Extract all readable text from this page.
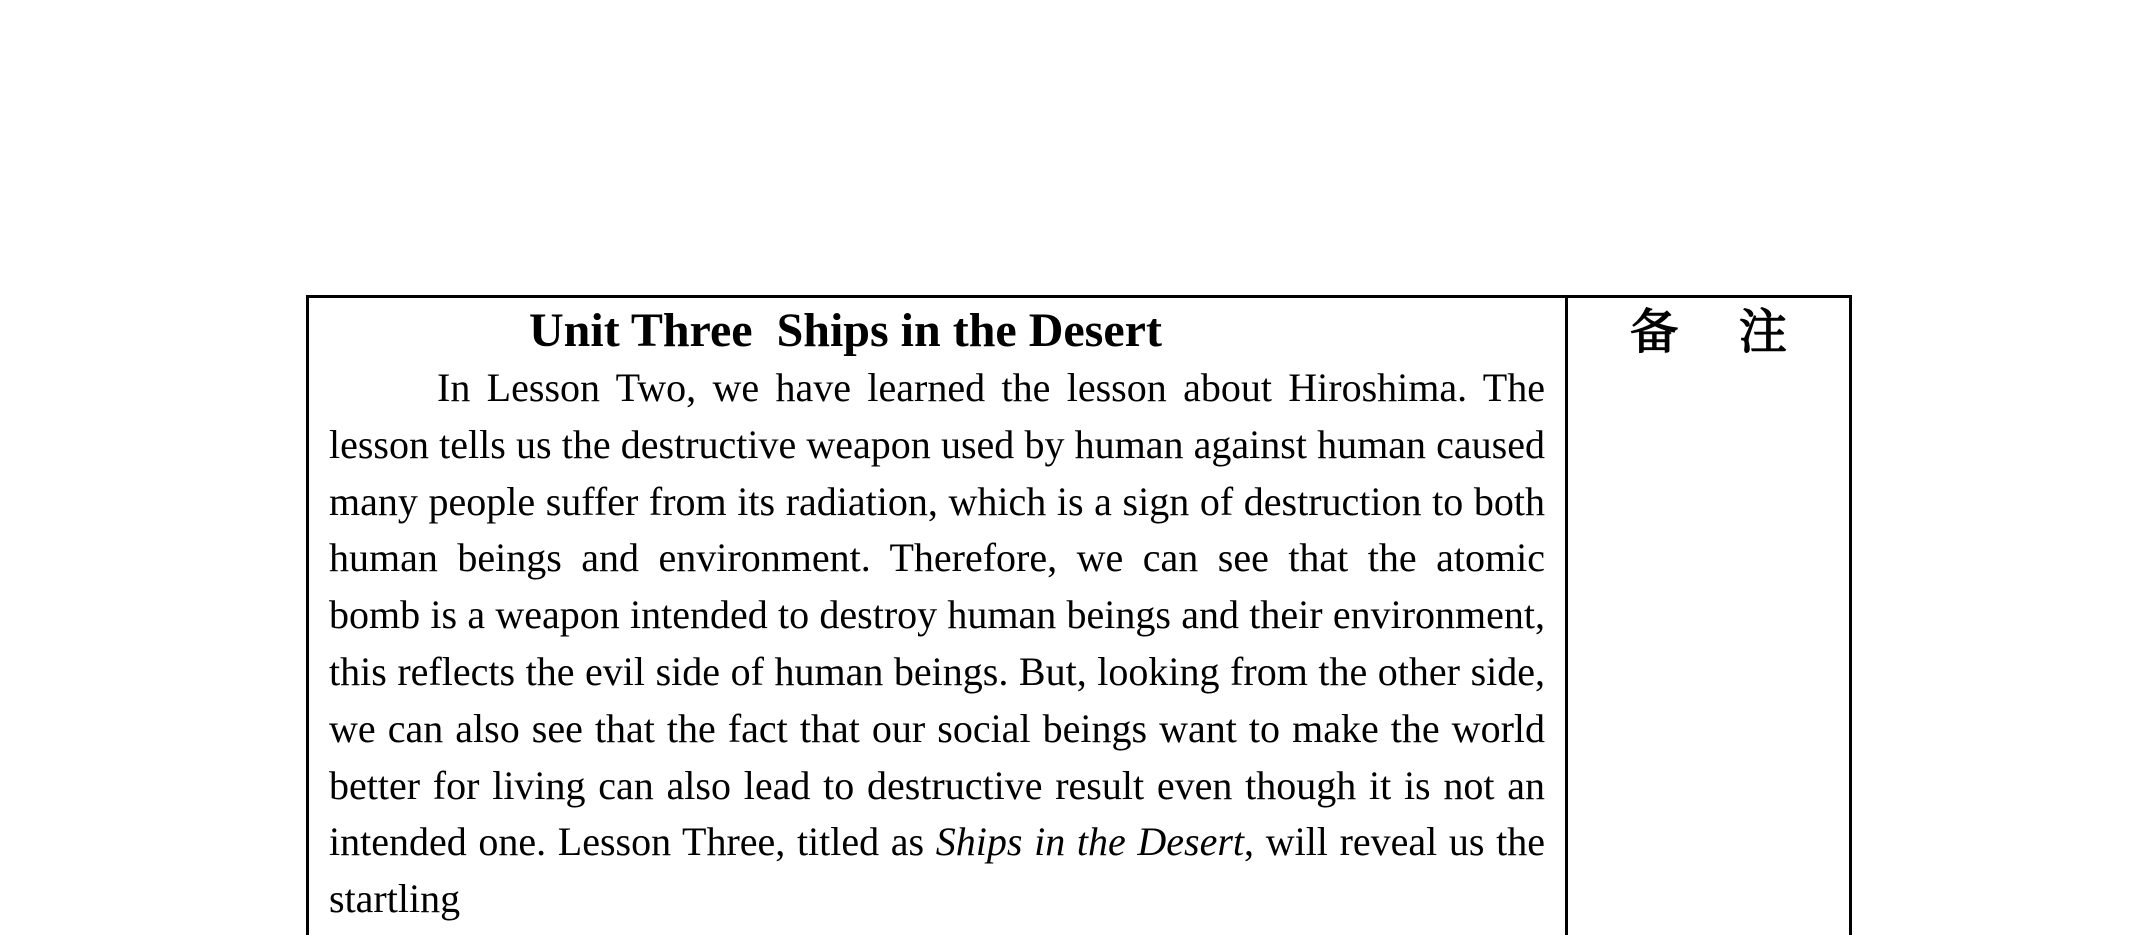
Unit Three  Ships in the Desert

In Lesson Two, we have learned the lesson about Hiroshima. The lesson tells us the destructive weapon used by human against human caused many people suffer from its radiation, which is a sign of destruction to both human beings and environment. Therefore, we can see that the atomic bomb is a weapon intended to destroy human beings and their environment, this reflects the evil side of human beings. But, looking from the other side, we can also see that the fact that our social beings want to make the world better for living can also lead to destructive result even though it is not an intended one. Lesson Three, titled as Ships in the Desert, will reveal us the startling

备 注
